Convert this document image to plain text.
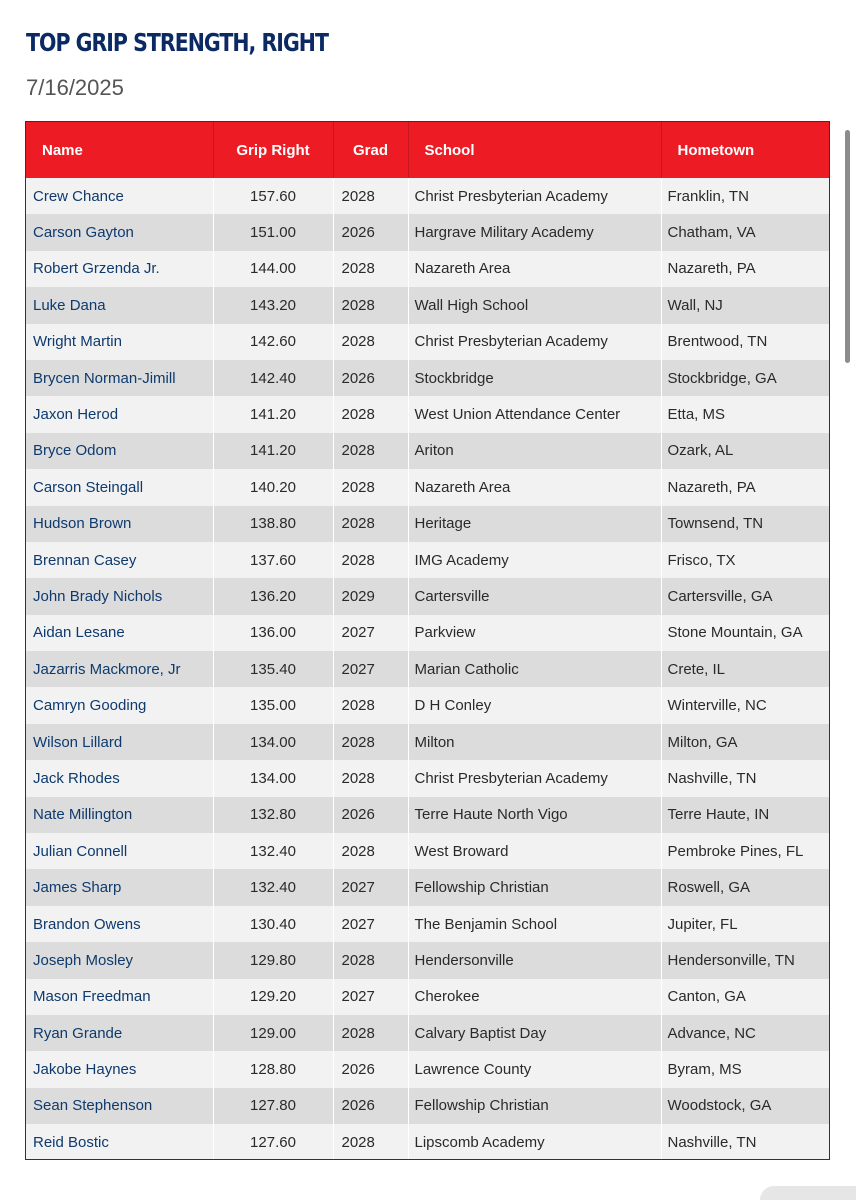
TOP GRIP STRENGTH, RIGHT

7/16/2025

Name	Grip Right	Grad	School	Hometown
Crew Chance	157.60	2028	Christ Presbyterian Academy	Franklin, TN
Carson Gayton	151.00	2026	Hargrave Military Academy	Chatham, VA
Robert Grzenda Jr.	144.00	2028	Nazareth Area	Nazareth, PA
Luke Dana	143.20	2028	Wall High School	Wall, NJ
Wright Martin	142.60	2028	Christ Presbyterian Academy	Brentwood, TN
Brycen Norman-Jimill	142.40	2026	Stockbridge	Stockbridge, GA
Jaxon Herod	141.20	2028	West Union Attendance Center	Etta, MS
Bryce Odom	141.20	2028	Ariton	Ozark, AL
Carson Steingall	140.20	2028	Nazareth Area	Nazareth, PA
Hudson Brown	138.80	2028	Heritage	Townsend, TN
Brennan Casey	137.60	2028	IMG Academy	Frisco, TX
John Brady Nichols	136.20	2029	Cartersville	Cartersville, GA
Aidan Lesane	136.00	2027	Parkview	Stone Mountain, GA
Jazarris Mackmore, Jr	135.40	2027	Marian Catholic	Crete, IL
Camryn Gooding	135.00	2028	D H Conley	Winterville, NC
Wilson Lillard	134.00	2028	Milton	Milton, GA
Jack Rhodes	134.00	2028	Christ Presbyterian Academy	Nashville, TN
Nate Millington	132.80	2026	Terre Haute North Vigo	Terre Haute, IN
Julian Connell	132.40	2028	West Broward	Pembroke Pines, FL
James Sharp	132.40	2027	Fellowship Christian	Roswell, GA
Brandon Owens	130.40	2027	The Benjamin School	Jupiter, FL
Joseph Mosley	129.80	2028	Hendersonville	Hendersonville, TN
Mason Freedman	129.20	2027	Cherokee	Canton, GA
Ryan Grande	129.00	2028	Calvary Baptist Day	Advance, NC
Jakobe Haynes	128.80	2026	Lawrence County	Byram, MS
Sean Stephenson	127.80	2026	Fellowship Christian	Woodstock, GA
Reid Bostic	127.60	2028	Lipscomb Academy	Nashville, TN
